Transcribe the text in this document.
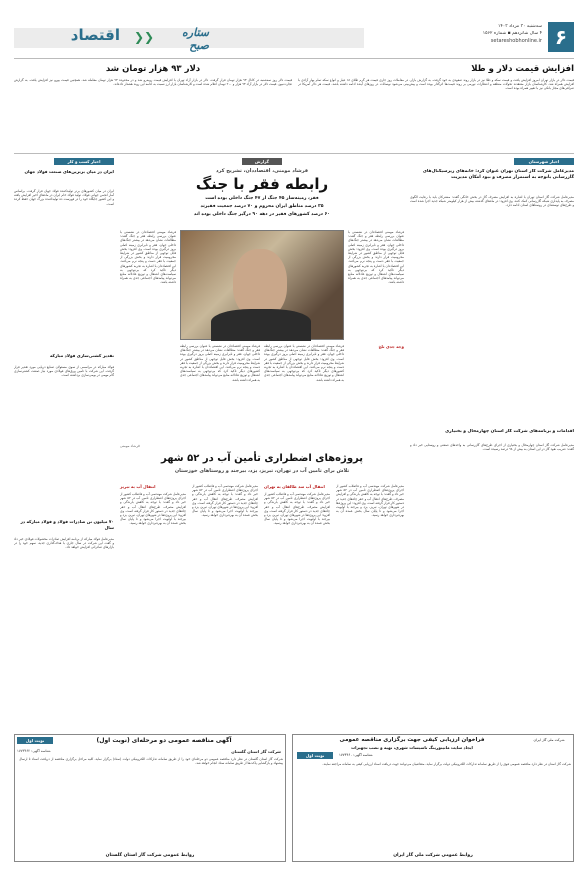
۶
سه‌شنبه ۳۰ مرداد ۱۴۰۳
۴ سال شانزدهم ▪ شماره ۱۵۶۲
setareshobhonline.ir
اقتصاد ❮❮	ستاره صبح
افزایش قیمت دلار و طلا
قیمت دلار در بازار تهران امروز افزایش یافت و قیمت سکه و طلا نیز در بازار روند صعودی به خود گرفت. به گزارش بازار، در معاملات روز جاری قیمت هر گرم طلای ۱۸ عیار و انواع سکه تمام بهار آزادی با افزایش همراه شد. کارشناسان بازار معتقدند تحولات منطقه و انتظارات تورمی بر روند قیمت‌ها اثرگذار بوده است و پیش‌بینی می‌شود نوسانات در روزهای آینده ادامه داشته باشد. قیمت هر دلار آمریکا در صرافی‌های مجاز بانکی نیز با تغییر همراه بوده است.
دلار ۹۳ هزار تومان شد
قیمت دلار روز سه‌شنبه در کانال ۹۳ هزار تومان قرار گرفت. دلار در بازار آزاد تهران با افزایش قیمت روبه‌رو شد و در محدوده ۹۳ هزار تومان معامله شد. همچنین قیمت یورو نیز افزایش یافت. به گزارش تجارت‌نیوز، قیمت دلار در بازار آزاد ۹۳ هزار و ۲۰۰ تومان اعلام شده است و کارشناسان بازار ارز نسبت به ادامه این روند هشدار داده‌اند.
اخبار شهرستان
مدیرعامل شرکت گاز استان تهران عنوان کرد: خانه‌های زیرسیگنال‌های گازرسانی باتوجه به استمرار مصرف و نبود امکان مدیریت
مدیرعامل شرکت گاز استان تهران با اشاره به افزایش مصرف گاز در بخش خانگی گفت: مشترکان باید با رعایت الگوی مصرف به پایداری شبکه گازرسانی کمک کنند. وی افزود: در ماه‌های گذشته بیش از هزار کیلومتر شبکه جدید اجرا شده است و طرح‌های توسعه‌ای در روستاهای استان ادامه دارد.
اقدامات و برنامه‌های شرکت گاز استان چهارمحال و بختیاری
مدیرعامل شرکت گاز استان چهارمحال و بختیاری از اجرای طرح‌های گازرسانی به واحدهای صنعتی و روستایی خبر داد و گفت: ضریب نفوذ گاز در این استان به بیش از ۹۸ درصد رسیده است.
اخبار کسب و کار
ایران در میان برترین‌های صنعت فولاد جهان
ایران در میان کشورهای برتر تولیدکننده فولاد جهان قرار گرفت. براساس آمار انجمن جهانی فولاد، تولید فولاد خام ایران در ماه‌های اخیر افزایش یافته و این کشور جایگاه خود را در فهرست ده تولیدکننده بزرگ جهان حفظ کرده است.
تقدیر کشتی‌سازی فولاد مبارکه
فولاد مبارکه در مراسمی از سوی مسئولان صنایع دریایی مورد تقدیر قرار گرفت. این شرکت با تامین ورق‌های فولادی مورد نیاز صنعت کشتی‌سازی گام مهمی در بومی‌سازی برداشته است.
۷۰ میلیون تن صادرات فولاد و فولاد مبارکه در سال
مدیرعامل فولاد مبارکه از برنامه افزایش صادرات محصولات فولادی خبر داد و گفت این شرکت در سال جاری با هدف‌گذاری جدید، سهم خود را در بازارهای صادراتی افزایش خواهد داد.
گزارش
فرشاد مومنی، اقتصاددان، تشریح کرد
رابطه فقر با جنگ
فقر، زمینه‌ساز ۴۵ جنگ از ۴۷ جنگ داخلی بوده است
۲۵ درصد مناطق ایران محروم و ۷۰ درصد جمعیت فقیرند
۶۰ درصد کشورهای فقیر در دهه ۹۰ درگیر جنگ داخلی بوده اند
فرشاد مومنی اقتصاددان در نشستی با عنوان بررسی رابطه فقر و جنگ گفت: مطالعات نشان می‌دهد در بیشتر جنگ‌های داخلی جهان، فقر و نابرابری زمینه اصلی بروز درگیری بوده است. وی افزود: بخش قابل توجهی از مناطق کشور در شرایط محرومیت قرار دارند و بخش بزرگی از جمعیت با فقر دست و پنجه نرم می‌کنند. این اقتصاددان با اشاره به تجربه کشورهای دیگر تاکید کرد که بی‌توجهی به سیاست‌های اشتغال و توزیع عادلانه منابع می‌تواند پیامدهای اجتماعی جدی به همراه داشته باشد.
فرشاد مومنی اقتصاددان در نشستی با عنوان بررسی رابطه فقر و جنگ گفت: مطالعات نشان می‌دهد در بیشتر جنگ‌های داخلی جهان، فقر و نابرابری زمینه اصلی بروز درگیری بوده است. وی افزود: بخش قابل توجهی از مناطق کشور در شرایط محرومیت قرار دارند و بخش بزرگی از جمعیت با فقر دست و پنجه نرم می‌کنند. این اقتصاددان با اشاره به تجربه کشورهای دیگر تاکید کرد که بی‌توجهی به سیاست‌های اشتغال و توزیع عادلانه منابع می‌تواند پیامدهای اجتماعی جدی به همراه داشته باشد.
وجه جدی تلخ
فرشاد مومنی اقتصاددان در نشستی با عنوان بررسی رابطه فقر و جنگ گفت: مطالعات نشان می‌دهد در بیشتر جنگ‌های داخلی جهان، فقر و نابرابری زمینه اصلی بروز درگیری بوده است. وی افزود: بخش قابل توجهی از مناطق کشور در شرایط محرومیت قرار دارند و بخش بزرگی از جمعیت با فقر دست و پنجه نرم می‌کنند. این اقتصاددان با اشاره به تجربه کشورهای دیگر تاکید کرد که بی‌توجهی به سیاست‌های اشتغال و توزیع عادلانه منابع می‌تواند پیامدهای اجتماعی جدی به همراه داشته باشد.
فرشاد مومنی اقتصاددان در نشستی با عنوان بررسی رابطه فقر و جنگ گفت: مطالعات نشان می‌دهد در بیشتر جنگ‌های داخلی جهان، فقر و نابرابری زمینه اصلی بروز درگیری بوده است. وی افزود: بخش قابل توجهی از مناطق کشور در شرایط محرومیت قرار دارند و بخش بزرگی از جمعیت با فقر دست و پنجه نرم می‌کنند. این اقتصاددان با اشاره به تجربه کشورهای دیگر تاکید کرد که بی‌توجهی به سیاست‌های اشتغال و توزیع عادلانه منابع می‌تواند پیامدهای اجتماعی جدی به همراه داشته باشد.
فرشاد مومنی
پروژه‌های اضطراری تأمین آب در ۵۲ شهر
تلاش برای تامین آب در تهران، تبریز، یزد، بیرجند و روستاهای خوزستان
انتقال آب به تبریز
مدیرعامل شرکت مهندسی آب و فاضلاب کشور از اجرای پروژه‌های اضطراری تامین آب در ۵۲ شهر خبر داد و گفت: با توجه به کاهش بارندگی و افزایش مصرف، طرح‌های انتقال آب و حفر چاه‌های جدید در دستور کار قرار گرفته است. وی افزود: این پروژه‌ها در شهرهای تهران، تبریز، یزد و بیرجند با اولویت اجرا می‌شود و تا پایان سال بخش عمده آن به بهره‌برداری خواهد رسید.
مدیرعامل شرکت مهندسی آب و فاضلاب کشور از اجرای پروژه‌های اضطراری تامین آب در ۵۲ شهر خبر داد و گفت: با توجه به کاهش بارندگی و افزایش مصرف، طرح‌های انتقال آب و حفر چاه‌های جدید در دستور کار قرار گرفته است. وی افزود: این پروژه‌ها در شهرهای تهران، تبریز، یزد و بیرجند با اولویت اجرا می‌شود و تا پایان سال بخش عمده آن به بهره‌برداری خواهد رسید.
انتقال آب سد طالقان به تهران
مدیرعامل شرکت مهندسی آب و فاضلاب کشور از اجرای پروژه‌های اضطراری تامین آب در ۵۲ شهر خبر داد و گفت: با توجه به کاهش بارندگی و افزایش مصرف، طرح‌های انتقال آب و حفر چاه‌های جدید در دستور کار قرار گرفته است. وی افزود: این پروژه‌ها در شهرهای تهران، تبریز، یزد و بیرجند با اولویت اجرا می‌شود و تا پایان سال بخش عمده آن به بهره‌برداری خواهد رسید.
مدیرعامل شرکت مهندسی آب و فاضلاب کشور از اجرای پروژه‌های اضطراری تامین آب در ۵۲ شهر خبر داد و گفت: با توجه به کاهش بارندگی و افزایش مصرف، طرح‌های انتقال آب و حفر چاه‌های جدید در دستور کار قرار گرفته است. وی افزود: این پروژه‌ها در شهرهای تهران، تبریز، یزد و بیرجند با اولویت اجرا می‌شود و تا پایان سال بخش عمده آن به بهره‌برداری خواهد رسید.
نوبت اول	آگهی مناقصه عمومی دو مرحله‌ای (نوبت اول)
شناسه آگهی: ۱۷۷۳۴۶۲	شرکت گاز استان گلستان
شرکت گاز استان گلستان در نظر دارد مناقصه عمومی دو مرحله‌ای خود را از طریق سامانه تدارکات الکترونیکی دولت (ستاد) برگزار نماید. کلیه مراحل برگزاری مناقصه از دریافت اسناد تا ارسال پیشنهاد و بازگشایی پاکت‌ها از طریق سامانه ستاد انجام خواهد شد.
روابط عمومی شرکت گاز استان گلستان
فراخوان ارزیابی کیفی جهت برگزاری مناقصه عمومی
ایجاد سایت مانیتورینگ تاسیسات شهری، تهیه و نصب تجهیزات
شرکت ملی گاز ایران
نوبت اول	شناسه آگهی: ۱۷۷۴۴۶۰
شرکت گاز استان در نظر دارد مناقصه عمومی فوق را از طریق سامانه تدارکات الکترونیکی دولت برگزار نماید. متقاضیان می‌توانند جهت دریافت اسناد ارزیابی کیفی به سامانه مراجعه نمایند.
روابط عمومی شرکت ملی گاز ایران
